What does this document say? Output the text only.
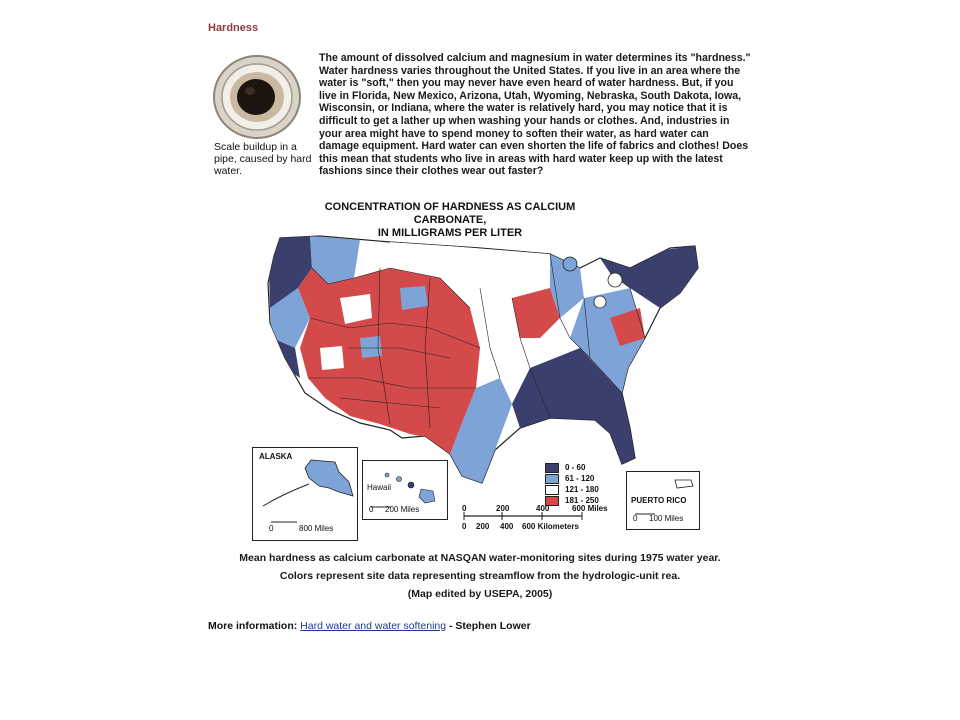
Hardness
Scale buildup in a pipe, caused by hard water.
The amount of dissolved calcium and magnesium in water determines its "hardness." Water hardness varies throughout the United States. If you live in an area where the water is "soft," then you may never have even heard of water hardness. But, if you live in Florida, New Mexico, Arizona, Utah, Wyoming, Nebraska, South Dakota, Iowa, Wisconsin, or Indiana, where the water is relatively hard, you may notice that it is difficult to get a lather up when washing your hands or clothes. And, industries in your area might have to spend money to soften their water, as hard water can damage equipment. Hard water can even shorten the life of fabrics and clothes! Does this mean that students who live in areas with hard water keep up with the latest fashions since their clothes wear out faster?
CONCENTRATION OF HARDNESS AS CALCIUM CARBONATE,
IN MILLIGRAMS PER LITER
ALASKA
0	800 Miles
Hawaii
0 200 Miles
0 - 60
61 - 120
121 - 180
181 - 250
0	200	400	600 Miles
0 200 400 600 Kilometers
PUERTO RICO
0 100 Miles
Mean hardness as calcium carbonate at NASQAN water-monitoring sites during 1975 water year.
Colors represent site data representing streamflow from the hydrologic-unit rea.
(Map edited by USEPA, 2005)
More information: Hard water and water softening - Stephen Lower
